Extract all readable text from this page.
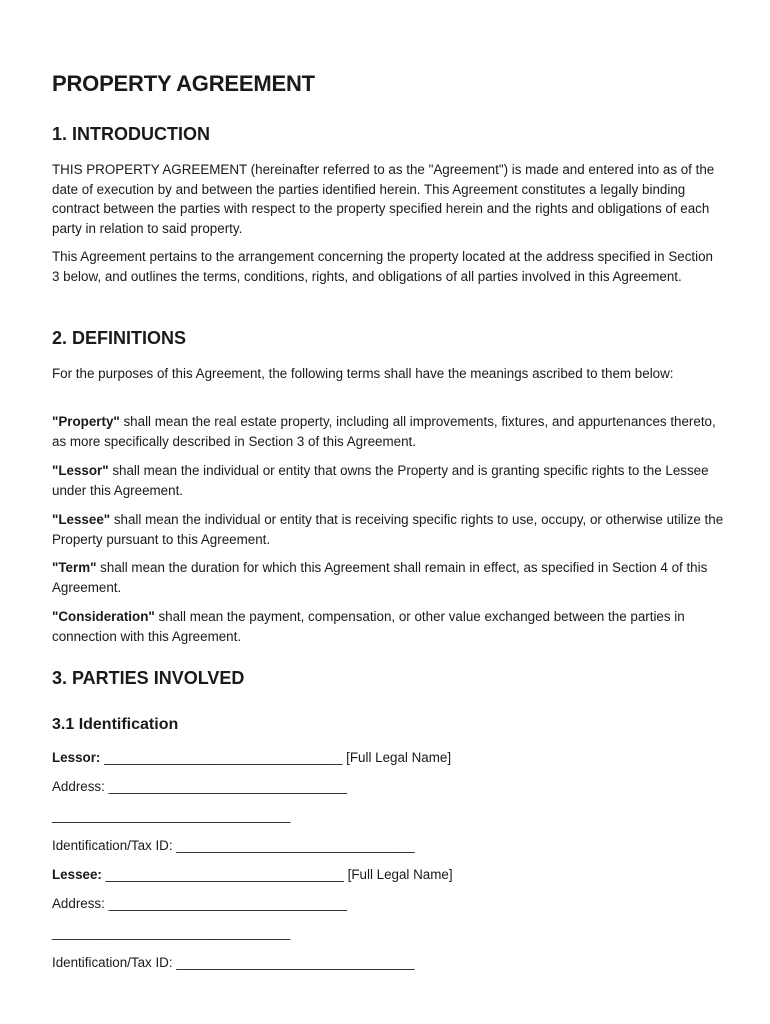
PROPERTY AGREEMENT
1. INTRODUCTION

THIS PROPERTY AGREEMENT (hereinafter referred to as the "Agreement") is made and entered into as of the date of execution by and between the parties identified herein. This Agreement constitutes a legally binding contract between the parties with respect to the property specified herein and the rights and obligations of each party in relation to said property.

This Agreement pertains to the arrangement concerning the property located at the address specified in Section 3 below, and outlines the terms, conditions, rights, and obligations of all parties involved in this Agreement.

2. DEFINITIONS

For the purposes of this Agreement, the following terms shall have the meanings ascribed to them below:

"Property" shall mean the real estate property, including all improvements, fixtures, and appurtenances thereto, as more specifically described in Section 3 of this Agreement.

"Lessor" shall mean the individual or entity that owns the Property and is granting specific rights to the Lessee under this Agreement.

"Lessee" shall mean the individual or entity that is receiving specific rights to use, occupy, or otherwise utilize the Property pursuant to this Agreement.

"Term" shall mean the duration for which this Agreement shall remain in effect, as specified in Section 4 of this Agreement.

"Consideration" shall mean the payment, compensation, or other value exchanged between the parties in connection with this Agreement.

3. PARTIES INVOLVED
3.1 Identification

Lessor: ________________________________ [Full Legal Name]

Address: ________________________________

________________________________

Identification/Tax ID: ________________________________

Lessee: ________________________________ [Full Legal Name]

Address: ________________________________

________________________________

Identification/Tax ID: ________________________________
